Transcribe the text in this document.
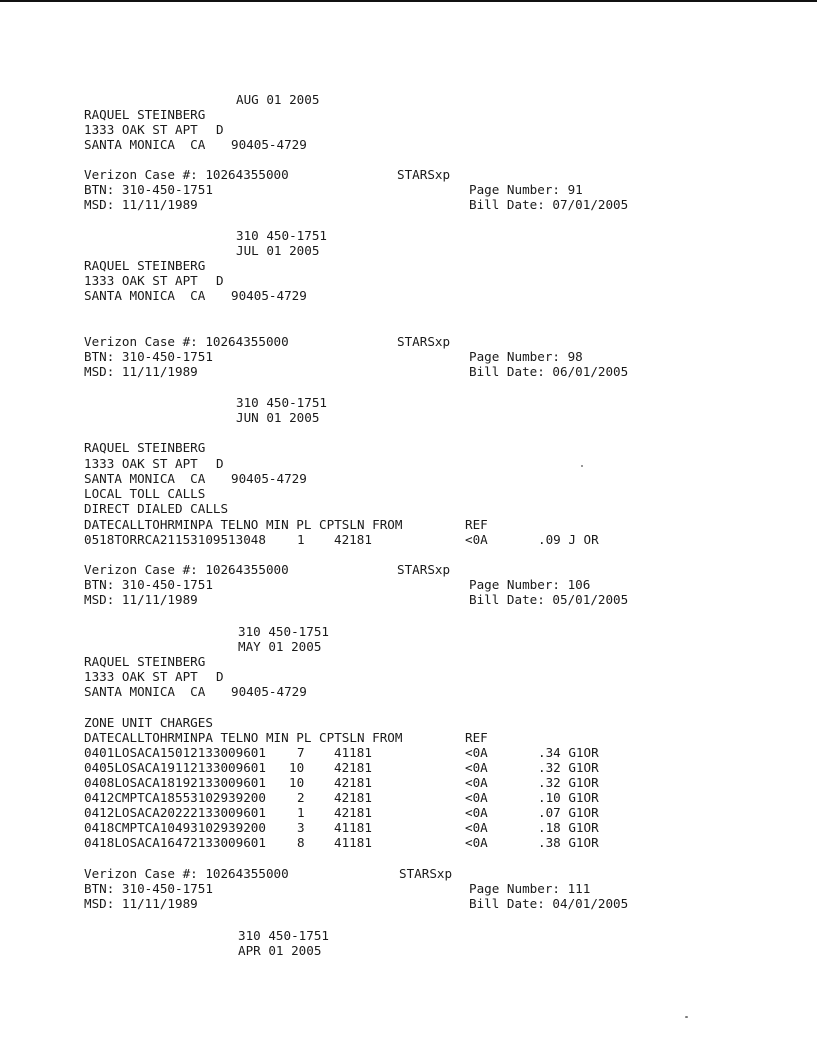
AUG 01 2005
RAQUEL STEINBERG
1333 OAK ST APT D
SANTA MONICA  CA 90405-4729
Verizon Case #: 10264355000	STARSxp
BTN: 310-450-1751	Page Number: 91
MSD: 11/11/1989	Bill Date: 07/01/2005
310 450-1751
JUL 01 2005
RAQUEL STEINBERG
1333 OAK ST APT D
SANTA MONICA  CA 90405-4729
Verizon Case #: 10264355000	STARSxp
BTN: 310-450-1751	Page Number: 98
MSD: 11/11/1989	Bill Date: 06/01/2005
310 450-1751
JUN 01 2005
RAQUEL STEINBERG
1333 OAK ST APT D
SANTA MONICA  CA 90405-4729
LOCAL TOLL CALLS
DIRECT DIALED CALLS
DATECALLTOHRMINPA TELNO MIN PL CPTSLN FROM	REF
0518TORRCA21153109513048 1 42181	<0A	.09 J OR
Verizon Case #: 10264355000	STARSxp
BTN: 310-450-1751	Page Number: 106
MSD: 11/11/1989	Bill Date: 05/01/2005
310 450-1751
MAY 01 2005
RAQUEL STEINBERG
1333 OAK ST APT D
SANTA MONICA  CA 90405-4729
ZONE UNIT CHARGES
DATECALLTOHRMINPA TELNO MIN PL CPTSLN FROM	REF
0401LOSACA15012133009601 7 41181	<0A	.34 G1OR
0405LOSACA19112133009601 10 42181	<0A	.32 G1OR
0408LOSACA18192133009601 10 42181	<0A	.32 G1OR
0412CMPTCA18553102939200 2 42181	<0A	.10 G1OR
0412LOSACA20222133009601 1 42181	<0A	.07 G1OR
0418CMPTCA10493102939200 3 41181	<0A	.18 G1OR
0418LOSACA16472133009601 8 41181	<0A	.38 G1OR
Verizon Case #: 10264355000	STARSxp
BTN: 310-450-1751	Page Number: 111
MSD: 11/11/1989	Bill Date: 04/01/2005
310 450-1751
APR 01 2005
